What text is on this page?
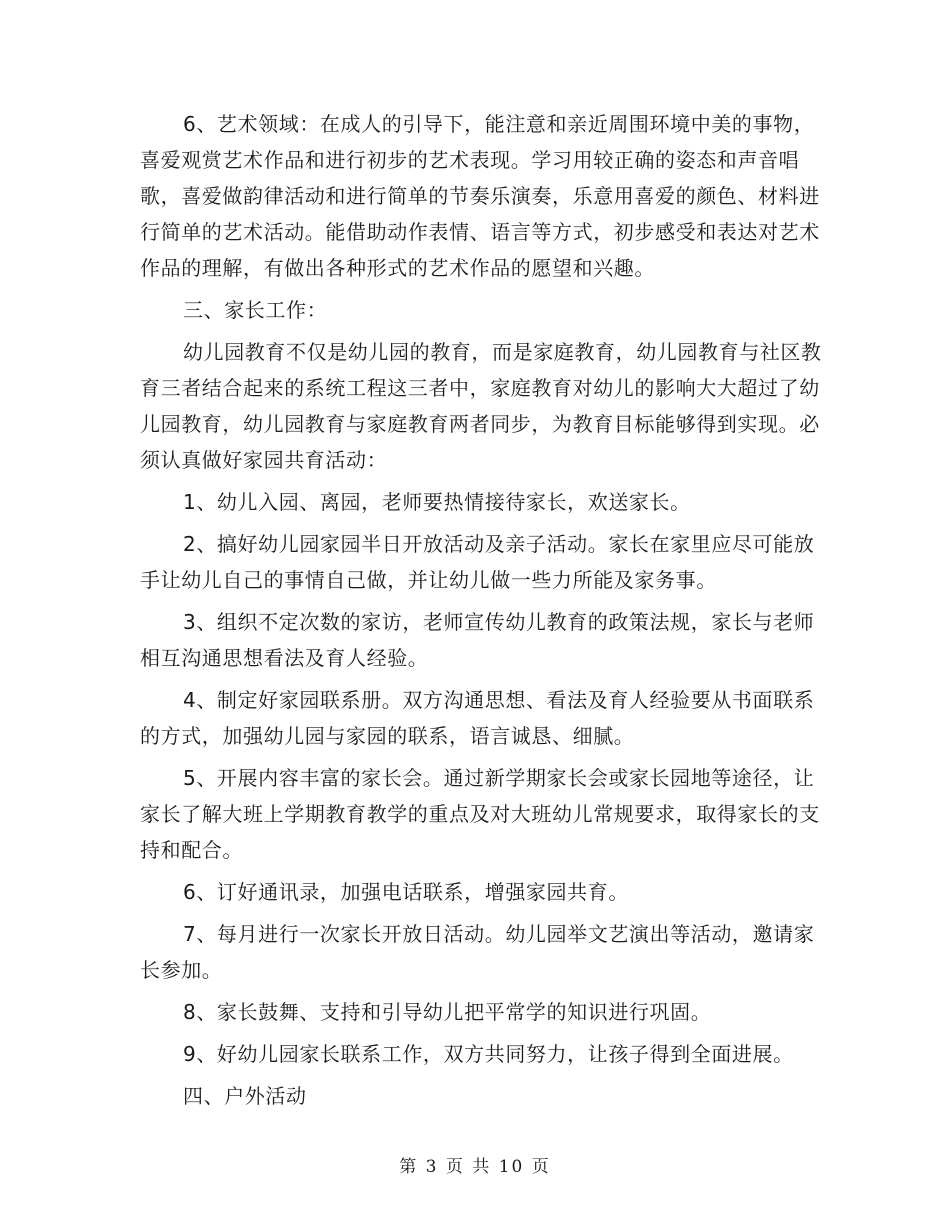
6、艺术领域：在成人的引导下，能注意和亲近周围环境中美的事物，喜爱观赏艺术作品和进行初步的艺术表现。学习用较正确的姿态和声音唱歌，喜爱做韵律活动和进行简单的节奏乐演奏，乐意用喜爱的颜色、材料进行简单的艺术活动。能借助动作表情、语言等方式，初步感受和表达对艺术作品的理解，有做出各种形式的艺术作品的愿望和兴趣。

三、家长工作：

幼儿园教育不仅是幼儿园的教育，而是家庭教育，幼儿园教育与社区教育三者结合起来的系统工程这三者中，家庭教育对幼儿的影响大大超过了幼儿园教育，幼儿园教育与家庭教育两者同步，为教育目标能够得到实现。必须认真做好家园共育活动：

1、幼儿入园、离园，老师要热情接待家长，欢送家长。

2、搞好幼儿园家园半日开放活动及亲子活动。家长在家里应尽可能放手让幼儿自己的事情自己做，并让幼儿做一些力所能及家务事。

3、组织不定次数的家访，老师宣传幼儿教育的政策法规，家长与老师相互沟通思想看法及育人经验。

4、制定好家园联系册。双方沟通思想、看法及育人经验要从书面联系的方式，加强幼儿园与家园的联系，语言诚恳、细腻。

5、开展内容丰富的家长会。通过新学期家长会或家长园地等途径，让家长了解大班上学期教育教学的重点及对大班幼儿常规要求，取得家长的支持和配合。

6、订好通讯录，加强电话联系，增强家园共育。

7、每月进行一次家长开放日活动。幼儿园举文艺演出等活动，邀请家长参加。

8、家长鼓舞、支持和引导幼儿把平常学的知识进行巩固。

9、好幼儿园家长联系工作，双方共同努力，让孩子得到全面进展。

四、户外活动

第 3 页 共 10 页
